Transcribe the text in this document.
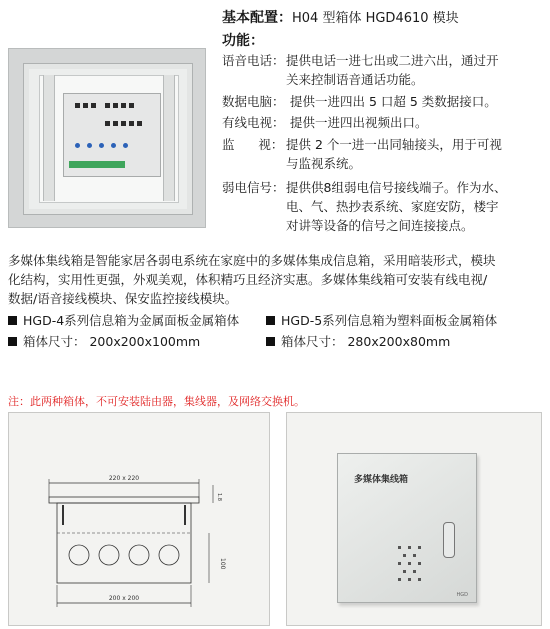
基本配置：H04 型箱体 HGD4610 模块
功能：
语音电话： 提供电话一进七出或二进六出，通过开
关来控制语音通话功能。
数据电脑： 提供一进四出 5 口超 5 类数据接口。
有线电视： 提供一进四出视频出口。
监      视： 提供 2 个一进一出同轴接头，用于可视
与监视系统。
弱电信号： 提供供8组弱电信号接线端子。作为水、
电、气、热抄表系统、家庭安防，楼宇
对讲等设备的信号之间连接接点。
多媒体集线箱是智能家居各弱电系统在家庭中的多媒体集成信息箱，采用暗装形式，模块
化结构，实用性更强，外观美观，体积精巧且经济实惠。多媒体集线箱可安装有线电视/
数据/语音接线模块、保安监控接线模块。
HGD-4系列信息箱为金属面板金属箱体	HGD-5系列信息箱为塑料面板金属箱体
箱体尺寸： 200x200x100mm	箱体尺寸： 280x200x80mm
注：此两种箱体，不可安装陆由器，集线器，及网络交换机。
220 x 220
1.8
100
200 x 200
多媒体集线箱
HGD
